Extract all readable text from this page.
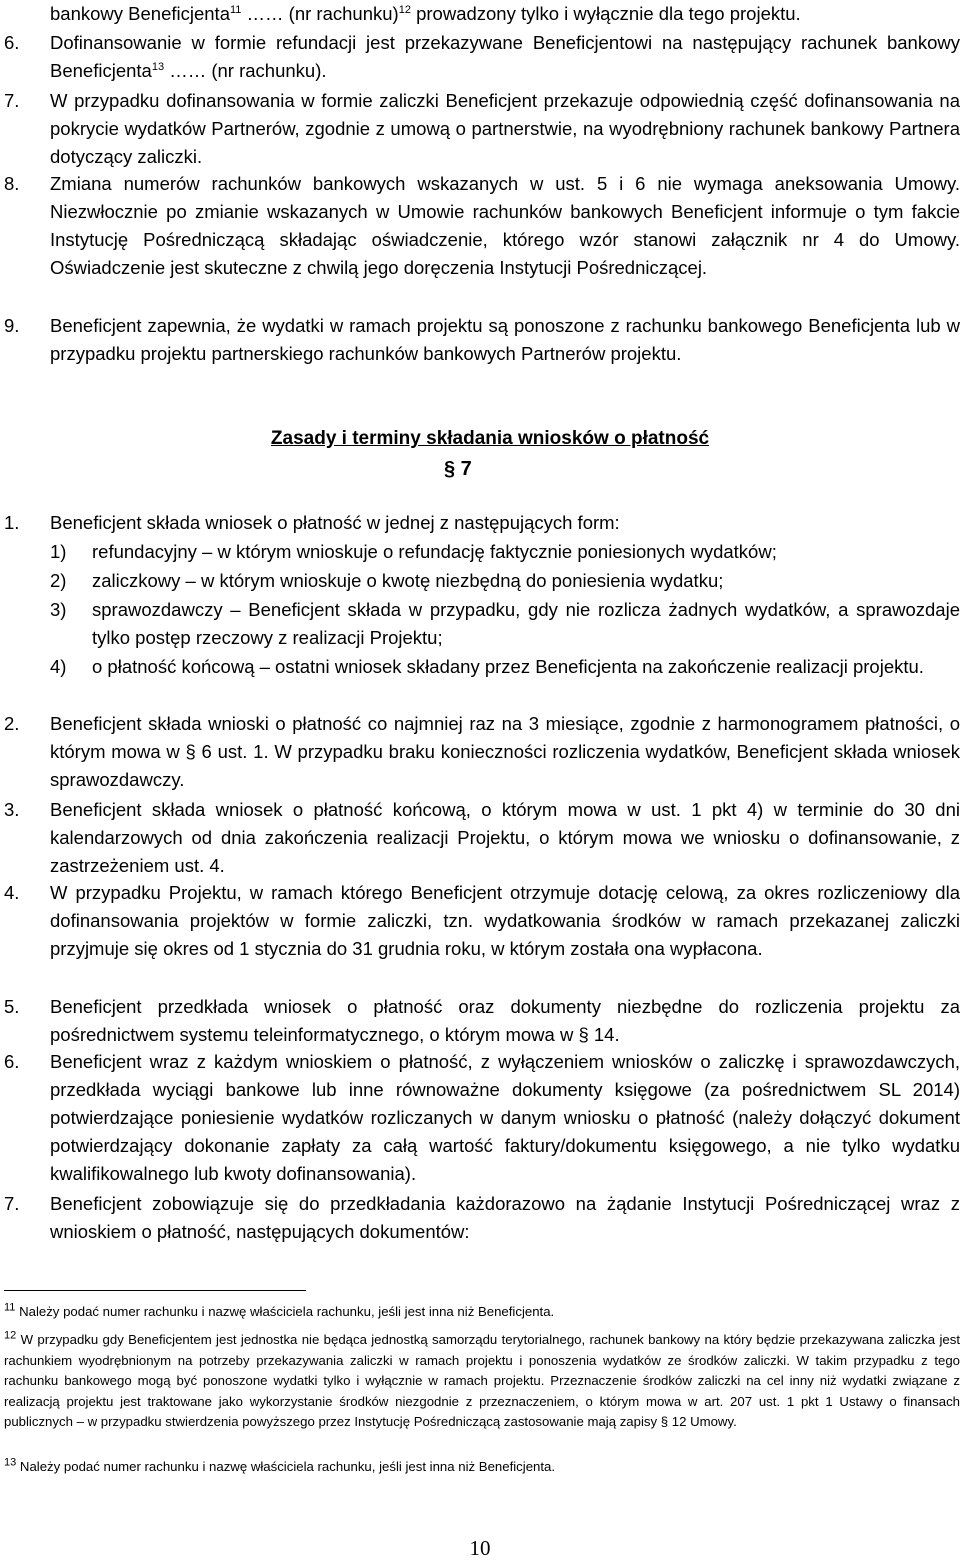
bankowy Beneficjenta$^{11}$ …… (nr rachunku)$^{12}$ prowadzony tylko i wyłącznie dla tego projektu.
6.	Dofinansowanie w formie refundacji jest przekazywane Beneficjentowi na następujący rachunek bankowy Beneficjenta$^{13}$ …… (nr rachunku).
7.	W przypadku dofinansowania w formie zaliczki Beneficjent przekazuje odpowiednią część dofinansowania na pokrycie wydatków Partnerów, zgodnie z umową o partnerstwie, na wyodrębniony rachunek bankowy Partnera dotyczący zaliczki.
8.	Zmiana numerów rachunków bankowych wskazanych w ust. 5 i 6 nie wymaga aneksowania Umowy. Niezwłocznie po zmianie wskazanych w Umowie rachunków bankowych Beneficjent informuje o tym fakcie Instytucję Pośredniczącą składając oświadczenie, którego wzór stanowi załącznik nr 4 do Umowy. Oświadczenie jest skuteczne z chwilą jego doręczenia Instytucji Pośredniczącej.
9.	Beneficjent zapewnia, że wydatki w ramach projektu są ponoszone z rachunku bankowego Beneficjenta lub w przypadku projektu partnerskiego rachunków bankowych Partnerów projektu.
Zasady i terminy składania wniosków o płatność
§ 7
1.	Beneficjent składa wniosek o płatność w jednej z następujących form:
1)	refundacyjny – w którym wnioskuje o refundację faktycznie poniesionych wydatków;
2)	zaliczkowy – w którym wnioskuje o kwotę niezbędną do poniesienia wydatku;
3)	sprawozdawczy – Beneficjent składa w przypadku, gdy nie rozlicza żadnych wydatków, a sprawozdaje tylko postęp rzeczowy z realizacji Projektu;
4)	o płatność końcową – ostatni wniosek składany przez Beneficjenta na zakończenie realizacji projektu.
2.	Beneficjent składa wnioski o płatność co najmniej raz na 3 miesiące, zgodnie z harmonogramem płatności, o którym mowa w § 6 ust. 1. W przypadku braku konieczności rozliczenia wydatków, Beneficjent składa wniosek sprawozdawczy.
3.	Beneficjent składa wniosek o płatność końcową, o którym mowa w ust. 1 pkt 4) w terminie do 30 dni kalendarzowych od dnia zakończenia realizacji Projektu, o którym mowa we wniosku o dofinansowanie, z zastrzeżeniem ust. 4.
4.	W przypadku Projektu, w ramach którego Beneficjent otrzymuje dotację celową, za okres rozliczeniowy dla dofinansowania projektów w formie zaliczki, tzn. wydatkowania środków w ramach przekazanej zaliczki przyjmuje się okres od 1 stycznia do 31 grudnia roku, w którym została ona wypłacona.
5.	Beneficjent przedkłada wniosek o płatność oraz dokumenty niezbędne do rozliczenia projektu za pośrednictwem systemu teleinformatycznego, o którym mowa w § 14.
6.	Beneficjent wraz z każdym wnioskiem o płatność, z wyłączeniem wniosków o zaliczkę i sprawozdawczych, przedkłada wyciągi bankowe lub inne równoważne dokumenty księgowe (za pośrednictwem SL 2014) potwierdzające poniesienie wydatków rozliczanych w danym wniosku o płatność (należy dołączyć dokument potwierdzający dokonanie zapłaty za całą wartość faktury/dokumentu księgowego, a nie tylko wydatku kwalifikowalnego lub kwoty dofinansowania).
7.	Beneficjent zobowiązuje się do przedkładania każdorazowo na żądanie Instytucji Pośredniczącej wraz z wnioskiem o płatność, następujących dokumentów:
$^{11}$ Należy podać numer rachunku i nazwę właściciela rachunku, jeśli jest inna niż Beneficjenta.
$^{12}$ W przypadku gdy Beneficjentem jest jednostka nie będąca jednostką samorządu terytorialnego, rachunek bankowy na który będzie przekazywana zaliczka jest rachunkiem wyodrębnionym na potrzeby przekazywania zaliczki w ramach projektu i ponoszenia wydatków ze środków zaliczki. W takim przypadku z tego rachunku bankowego mogą być ponoszone wydatki tylko i wyłącznie w ramach projektu. Przeznaczenie środków zaliczki na cel inny niż wydatki związane z realizacją projektu jest traktowane jako wykorzystanie środków niezgodnie z przeznaczeniem, o którym mowa w art. 207 ust. 1 pkt 1 Ustawy o finansach publicznych – w przypadku stwierdzenia powyższego przez Instytucję Pośredniczącą zastosowanie mają zapisy § 12 Umowy.
$^{13}$ Należy podać numer rachunku i nazwę właściciela rachunku, jeśli jest inna niż Beneficjenta.
10
